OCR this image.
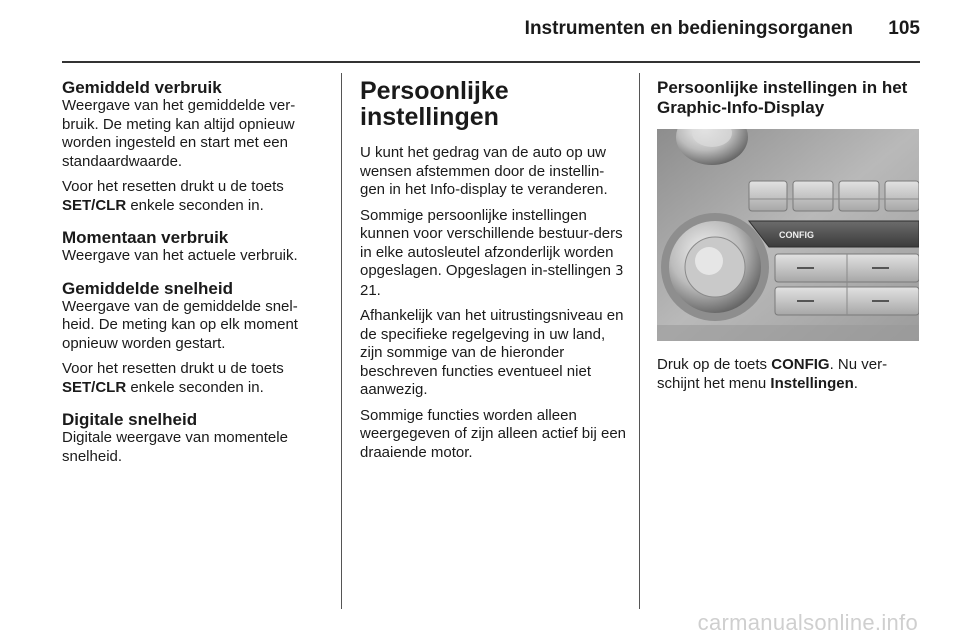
Instrumenten en bedieningsorganen 105
Gemiddeld verbruik

Weergave van het gemiddelde ver-bruik. De meting kan altijd opnieuw worden ingesteld en start met een standaardwaarde.

Voor het resetten drukt u de toets SET/CLR enkele seconden in.

Momentaan verbruik

Weergave van het actuele verbruik.

Gemiddelde snelheid

Weergave van de gemiddelde snel-heid. De meting kan op elk moment opnieuw worden gestart.

Voor het resetten drukt u de toets SET/CLR enkele seconden in.

Digitale snelheid

Digitale weergave van momentele snelheid.

Persoonlijke instellingen

U kunt het gedrag van de auto op uw wensen afstemmen door de instellin-gen in het Info-display te veranderen.

Sommige persoonlijke instellingen kunnen voor verschillende bestuur-ders in elke autosleutel afzonderlijk worden opgeslagen. Opgeslagen in-stellingen 3 21.

Afhankelijk van het uitrustingsniveau en de specifieke regelgeving in uw land, zijn sommige van de hieronder beschreven functies eventueel niet aanwezig.

Sommige functies worden alleen weergegeven of zijn alleen actief bij een draaiende motor.

Persoonlijke instellingen in het Graphic-Info-Display
CONFIG

Druk op de toets CONFIG. Nu ver-schijnt het menu Instellingen.

carmanualsonline.info
